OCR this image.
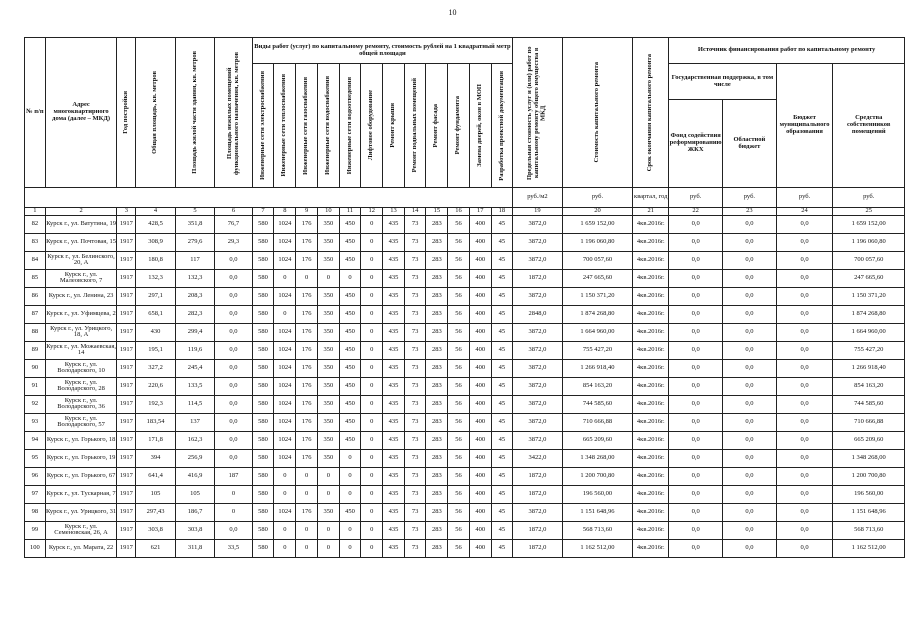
10
№ п/п	Адрес многоквартирного дома (далее – МКД)	Год постройки	Общая площадь, кв. метров	Площадь жилой части здания, кв. метров	Площадь нежилых помещений функционального назначения, кв. метров	Виды работ (услуг) по капитальному ремонту, стоимость рублей на 1 квадратный метр общей площади												Предельная стоимость услуг и (или) работ по капитальному ремонту общего имущества в МКД	Стоимость капитального ремонта	Срок окончания капитального ремонта	Источник финансирования работ по капитальному ремонту			

						Инженерные сети электроснабжения	Инженерные сети теплоснабжения	Инженерные сети газоснабжения	Инженерные сети водоснабжения	Инженерные сети водоотведения	Лифтовое оборудование	Ремонт крыши	Ремонт подвальных помещений	Ремонт фасада	Ремонт фундамента	Замена дверей, окон в МОП	Разработка проектной документации				Государственная поддержка, в том числе		Бюджет муниципального образования	Средства собственников помещений
																					Фонд содействия реформированию ЖКХ	Областной бюджет		
																		руб./м2	руб.	квартал, год	руб.	руб.	руб.	руб.
1	2	3	4	5	6	7	8	9	10	11	12	13	14	15	16	17	18	19	20	21	22	23	24	25
82	Курск г., ул. Ватутина, 19	1917	428,5	351,8	76,7	580	1024	176	350	450	0	435	73	283	56	400	45	3872,0	1 659 152,00	4кв.2016г.	0,0	0,0	0,0	1 659 152,00
83	Курск г., ул. Почтовая, 15	1917	308,9	279,6	29,3	580	1024	176	350	450	0	435	73	283	56	400	45	3872,0	1 196 060,80	4кв.2016г.	0,0	0,0	0,0	1 196 060,80
84	Курск г., ул. Белинского, 20, А	1917	180,8	117	0,0	580	1024	176	350	450	0	435	73	283	56	400	45	3872,0	700 057,60	4кв.2016г.	0,0	0,0	0,0	700 057,60
85	Курск г., ул. Малеовского, 7	1917	132,3	132,3	0,0	580	0	0	0	0	0	435	73	283	56	400	45	1872,0	247 665,60	4кв.2016г.	0,0	0,0	0,0	247 665,60
86	Курск г., ул. Ленина, 23	1917	297,1	208,3	0,0	580	1024	176	350	450	0	435	73	283	56	400	45	3872,0	1 150 371,20	4кв.2016г.	0,0	0,0	0,0	1 150 371,20
87	Курск г., ул. Уфимцева, 2	1917	658,1	282,3	0,0	580	0	176	350	450	0	435	73	283	56	400	45	2848,0	1 874 268,80	4кв.2016г.	0,0	0,0	0,0	1 874 268,80
88	Курск г., ул. Урицкого, 18, А	1917	430	299,4	0,0	580	1024	176	350	450	0	435	73	283	56	400	45	3872,0	1 664 960,00	4кв.2016г.	0,0	0,0	0,0	1 664 960,00
89	Курск г., ул. Можаевская, 14	1917	195,1	119,6	0,0	580	1024	176	350	450	0	435	73	283	56	400	45	3872,0	755 427,20	4кв.2016г.	0,0	0,0	0,0	755 427,20
90	Курск г., ул. Володарского, 10	1917	327,2	245,4	0,0	580	1024	176	350	450	0	435	73	283	56	400	45	3872,0	1 266 918,40	4кв.2016г.	0,0	0,0	0,0	1 266 918,40
91	Курск г., ул. Володарского, 28	1917	220,6	133,5	0,0	580	1024	176	350	450	0	435	73	283	56	400	45	3872,0	854 163,20	4кв.2016г.	0,0	0,0	0,0	854 163,20
92	Курск г., ул. Володарского, 36	1917	192,3	114,5	0,0	580	1024	176	350	450	0	435	73	283	56	400	45	3872,0	744 585,60	4кв.2016г.	0,0	0,0	0,0	744 585,60
93	Курск г., ул. Володарского, 57	1917	183,54	137	0,0	580	1024	176	350	450	0	435	73	283	56	400	45	3872,0	710 666,88	4кв.2016г.	0,0	0,0	0,0	710 666,88
94	Курск г., ул. Горького, 18	1917	171,8	162,3	0,0	580	1024	176	350	450	0	435	73	283	56	400	45	3872,0	665 209,60	4кв.2016г.	0,0	0,0	0,0	665 209,60
95	Курск г., ул. Горького, 19	1917	394	256,9	0,0	580	1024	176	350	0	0	435	73	283	56	400	45	3422,0	1 348 268,00	4кв.2016г.	0,0	0,0	0,0	1 348 268,00
96	Курск г., ул. Горького, 67	1917	641,4	416,9	187	580	0	0	0	0	0	435	73	283	56	400	45	1872,0	1 200 700,80	4кв.2016г.	0,0	0,0	0,0	1 200 700,80
97	Курск г., ул. Тускарная, 7	1917	105	105	0	580	0	0	0	0	0	435	73	283	56	400	45	1872,0	196 560,00	4кв.2016г.	0,0	0,0	0,0	196 560,00
98	Курск г., ул. Урицкого, 31	1917	297,43	186,7	0	580	1024	176	350	450	0	435	73	283	56	400	45	3872,0	1 151 648,96	4кв.2016г.	0,0	0,0	0,0	1 151 648,96
99	Курск г., ул. Семеновская, 26, А	1917	303,8	303,8	0,0	580	0	0	0	0	0	435	73	283	56	400	45	1872,0	568 713,60	4кв.2016г.	0,0	0,0	0,0	568 713,60
100	Курск г., ул. Марата, 22	1917	621	311,8	33,5	580	0	0	0	0	0	435	73	283	56	400	45	1872,0	1 162 512,00	4кв.2016г.	0,0	0,0	0,0	1 162 512,00
